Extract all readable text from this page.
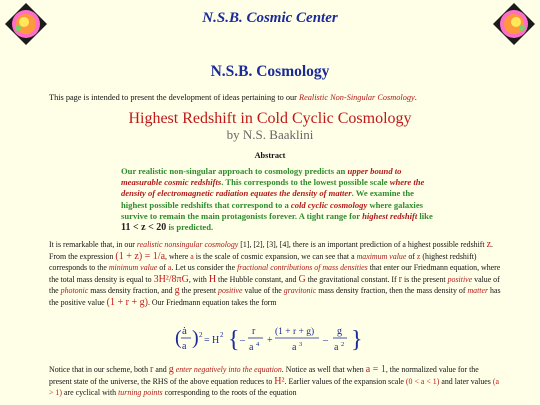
N.S.B. Cosmic Center
N.S.B. Cosmology
This page is intended to present the development of ideas pertaining to our Realistic Non-Singular Cosmology.
Highest Redshift in Cold Cyclic Cosmology
by N.S. Baaklini
Abstract
Our realistic non-singular approach to cosmology predicts an upper bound to measurable cosmic redshifts. This corresponds to the lowest possible scale where the density of electromagnetic radiation equates the density of matter. We examine the highest possible redshifts that correspond to a cold cyclic cosmology where galaxies survive to remain the main protagonists forever. A tight range for highest redshift like 11 < z < 20 is predicted.
It is remarkable that, in our realistic nonsingular cosmology [1], [2], [3], [4], there is an important prediction of a highest possible redshift z. From the expression (1 + z) = 1/a, where a is the scale of cosmic expansion, we can see that a maximum value of z (highest redshift) corresponds to the minimum value of a. Let us consider the fractional contributions of mass densities that enter our Friedmann equation, where the total mass density is equal to 3H²/8πG, with H the Hubble constant, and G the gravitational constant. If r is the present positive value of the photonic mass density fraction, and g the present positive value of the gravitonic mass density fraction, then the mass density of matter has the positive value (1 + r + g). Our Friedmann equation takes the form
( ȧ
a ) 2 = H 2 { –
r
a 4 +
(1 + r + g)
a 3 –
g
a 2 }
Notice that in our scheme, both r and g enter negatively into the equation. Notice as well that when a = 1, the normalized value for the present state of the universe, the RHS of the above equation reduces to H². Earlier values of the expansion scale (0 < a < 1) and later values (a > 1) are cyclical with turning points corresponding to the roots of the equation
